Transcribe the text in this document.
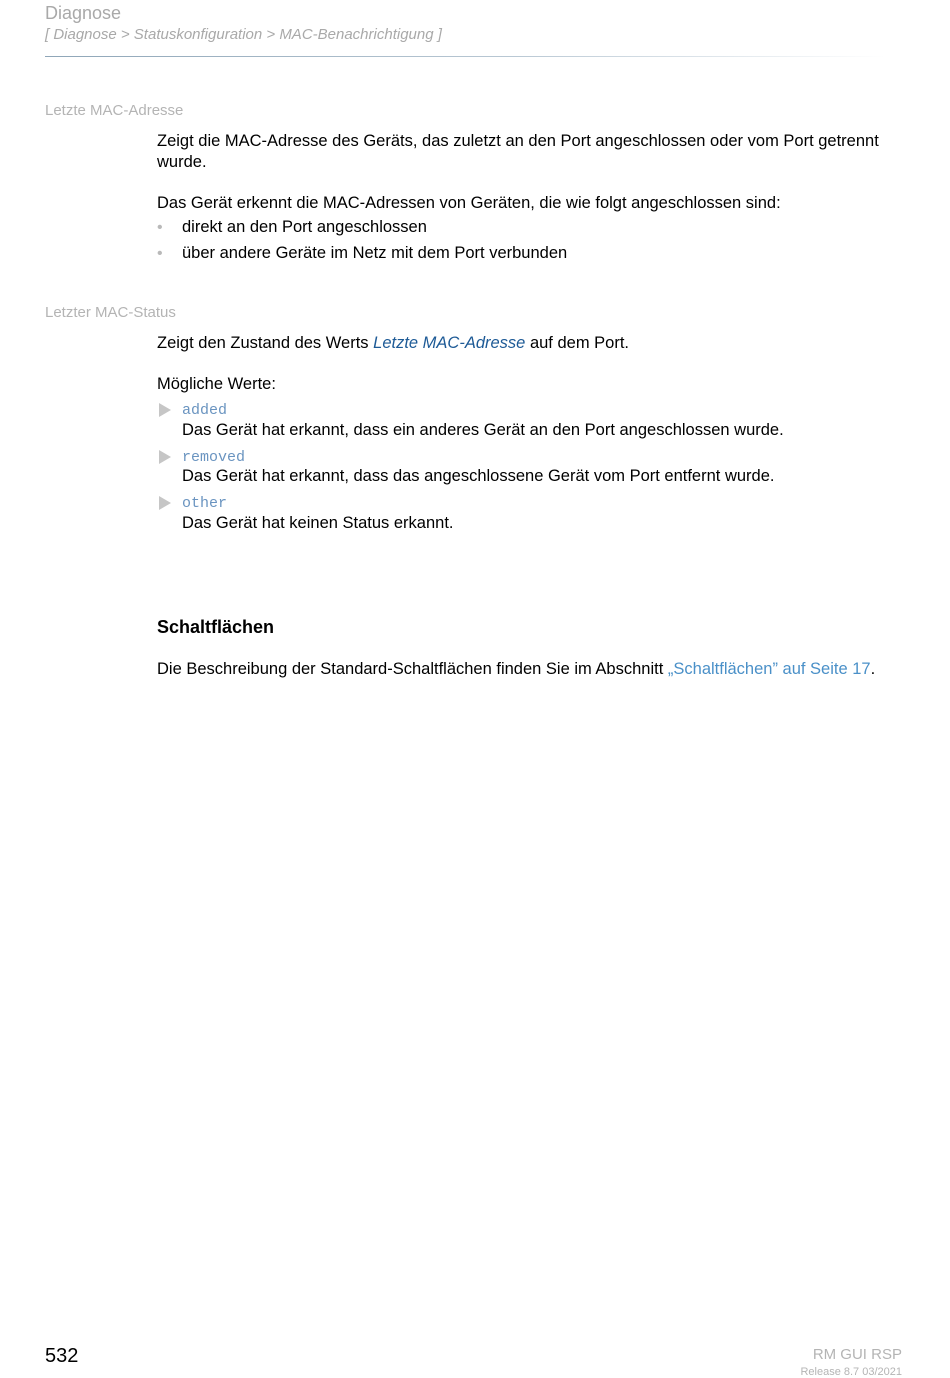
Diagnose
[ Diagnose > Statuskonfiguration > MAC-Benachrichtigung ]
Letzte MAC-Adresse
Zeigt die MAC-Adresse des Geräts, das zuletzt an den Port angeschlossen oder vom Port getrennt wurde.
Das Gerät erkennt die MAC-Adressen von Geräten, die wie folgt angeschlossen sind:
• direkt an den Port angeschlossen
• über andere Geräte im Netz mit dem Port verbunden
Letzter MAC-Status
Zeigt den Zustand des Werts Letzte MAC-Adresse auf dem Port.
Mögliche Werte:
added
Das Gerät hat erkannt, dass ein anderes Gerät an den Port angeschlossen wurde.
removed
Das Gerät hat erkannt, dass das angeschlossene Gerät vom Port entfernt wurde.
other
Das Gerät hat keinen Status erkannt.
Schaltflächen
Die Beschreibung der Standard-Schaltflächen finden Sie im Abschnitt „Schaltflächen” auf Seite 17.
532	RM GUI RSP
Release 8.7 03/2021
